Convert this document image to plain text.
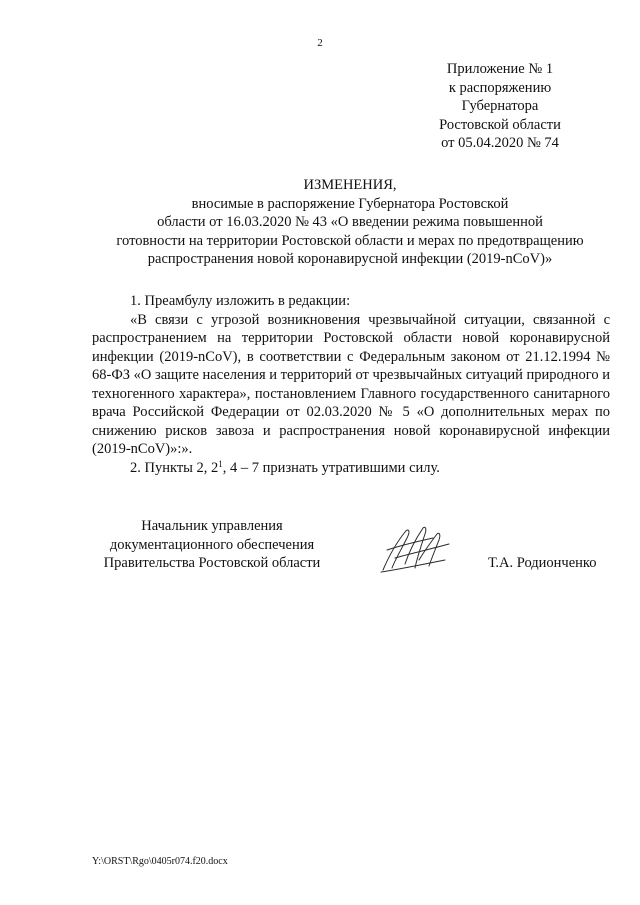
2
Приложение № 1
к распоряжению
Губернатора
Ростовской области
от 05.04.2020 № 74
ИЗМЕНЕНИЯ,
вносимые в распоряжение Губернатора Ростовской
области от 16.03.2020 № 43 «О введении режима повышенной
готовности на территории Ростовской области и мерах по предотвращению
распространения новой коронавирусной инфекции (2019-nCoV)»
1. Преамбулу изложить в редакции:
«В связи с угрозой возникновения чрезвычайной ситуации, связанной с распространением на территории Ростовской области новой коронавирусной инфекции (2019-nCoV), в соответствии с Федеральным законом от 21.12.1994 № 68-ФЗ «О защите населения и территорий от чрезвычайных ситуаций природного и техногенного характера», постановлением Главного государственного санитарного врача Российской Федерации от 02.03.2020 № 5 «О дополнительных мерах по снижению рисков завоза и распространения новой коронавирусной инфекции (2019-nCoV)»:».
2. Пункты 2, $2^1$, 4 – 7 признать утратившими силу.
Начальник управления
документационного обеспечения
Правительства Ростовской области	Т.А. Родионченко
Y:\ORST\Rgo\0405r074.f20.docx
